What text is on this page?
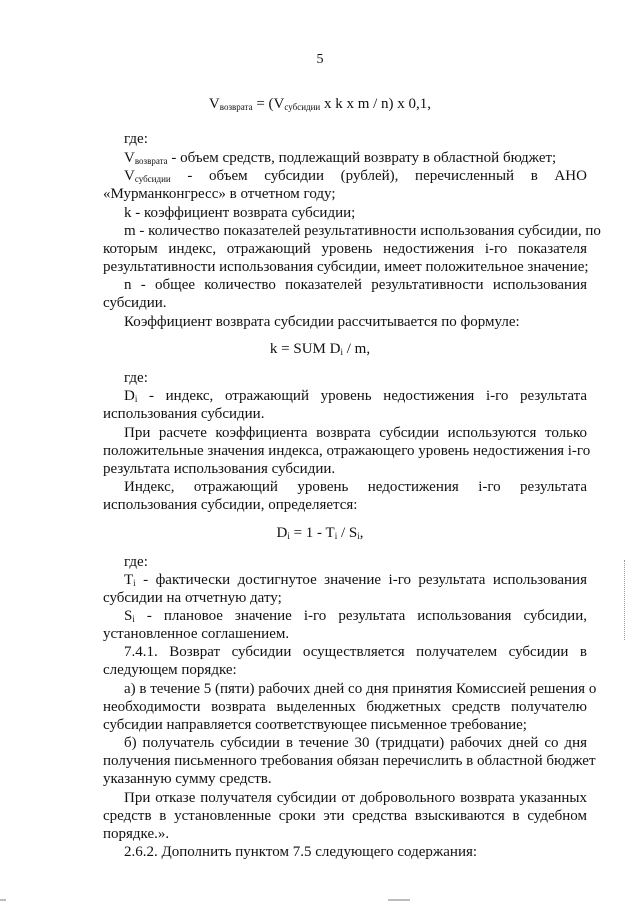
5
$V_{возврата} = (V_{субсидии}$ x k x m / n) x 0,1,
где:
$V_{возврата}$ - объем средств, подлежащий возврату в областной бюджет;
$V_{субсидии}$ - объем субсидии (рублей), перечисленный в АНО
«Мурманконгресс» в отчетном году;
k - коэффициент возврата субсидии;
m - количество показателей результативности использования субсидии, по
которым индекс, отражающий уровень недостижения i-го показателя
результативности использования субсидии, имеет положительное значение;
n - общее количество показателей результативности использования
субсидии.
Коэффициент возврата субсидии рассчитывается по формуле:
k = SUM $D_i$ / m,
где:
$D_i$ - индекс, отражающий уровень недостижения i-го результата
использования субсидии.
При расчете коэффициента возврата субсидии используются только
положительные значения индекса, отражающего уровень недостижения i-го
результата использования субсидии.
Индекс, отражающий уровень недостижения i-го результата
использования субсидии, определяется:
$D_i = 1 - T_i / S_i$,
где:
$T_i$ - фактически достигнутое значение i-го результата использования
субсидии на отчетную дату;
$S_i$ - плановое значение i-го результата использования субсидии,
установленное соглашением.
7.4.1. Возврат субсидии осуществляется получателем субсидии в
следующем порядке:
а) в течение 5 (пяти) рабочих дней со дня принятия Комиссией решения о
необходимости возврата выделенных бюджетных средств получателю
субсидии направляется соответствующее письменное требование;
б) получатель субсидии в течение 30 (тридцати) рабочих дней со дня
получения письменного требования обязан перечислить в областной бюджет
указанную сумму средств.
При отказе получателя субсидии от добровольного возврата указанных
средств в установленные сроки эти средства взыскиваются в судебном
порядке.».
2.6.2. Дополнить пунктом 7.5 следующего содержания:
